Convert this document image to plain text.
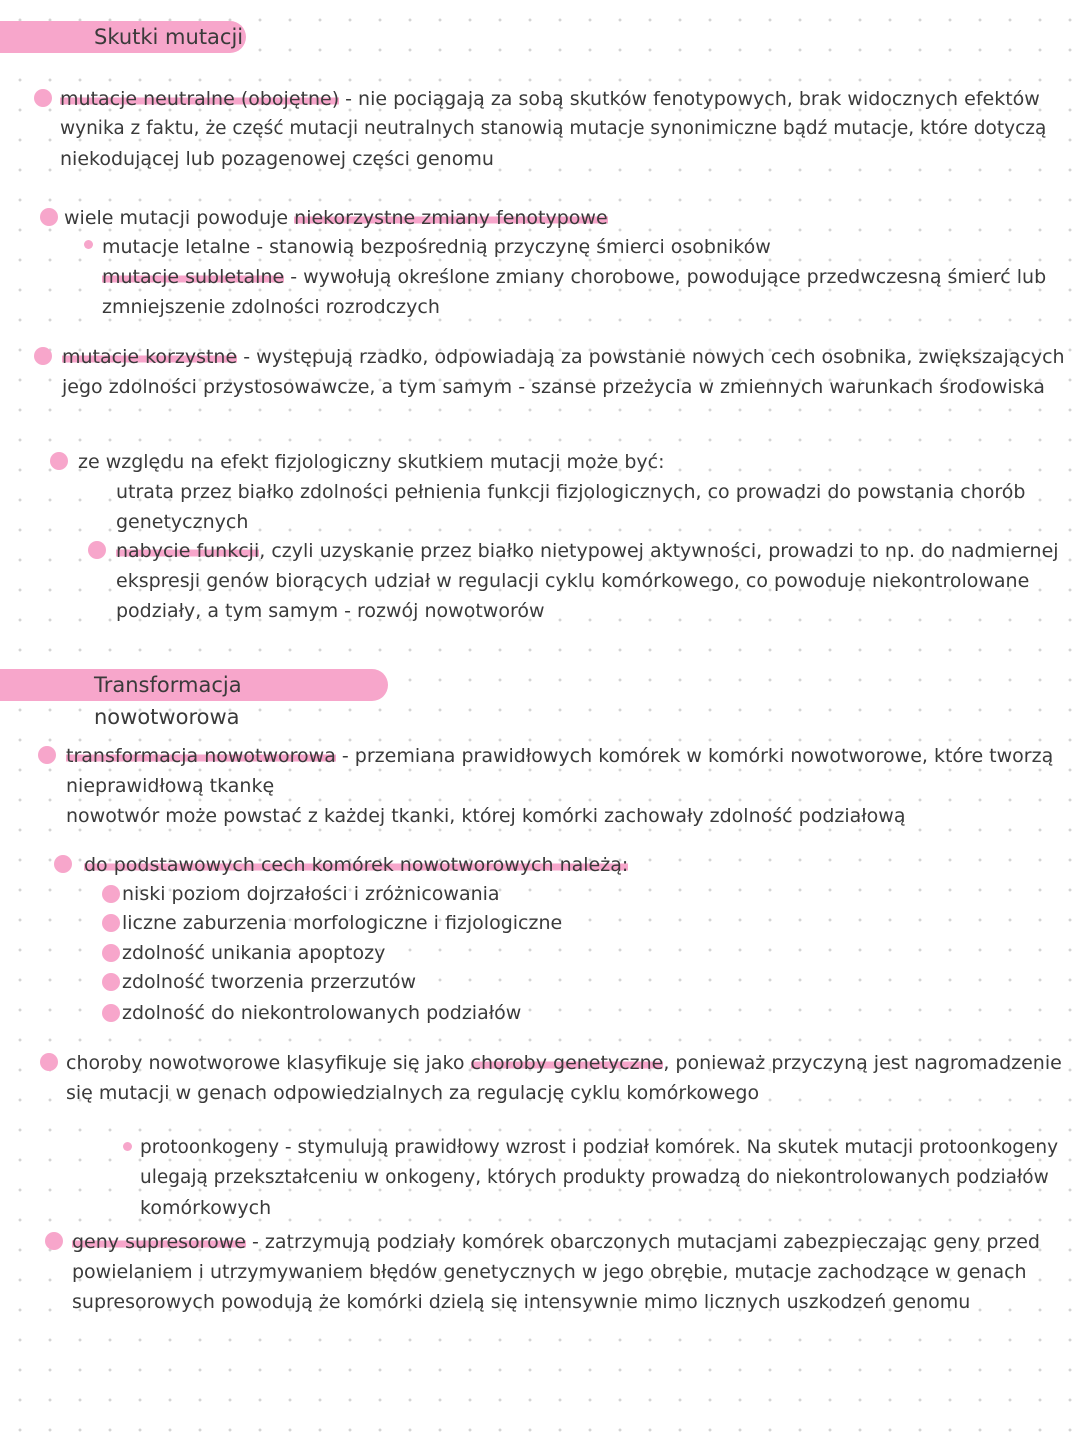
Skutki mutacji
mutacje neutralne (obojętne) - nie pociągają za sobą skutków fenotypowych, brak widocznych efektów
wynika z faktu, że część mutacji neutralnych stanowią mutacje synonimiczne bądź mutacje, które dotyczą
niekodującej lub pozagenowej części genomu
wiele mutacji powoduje niekorzystne zmiany fenotypowe
mutacje letalne - stanowią bezpośrednią przyczynę śmierci osobników
mutacje subletalne - wywołują określone zmiany chorobowe, powodujące przedwczesną śmierć lub
zmniejszenie zdolności rozrodczych
mutacje korzystne - występują rzadko, odpowiadają za powstanie nowych cech osobnika, zwiększających
jego zdolności przystosowawcze, a tym samym - szanse przeżycia w zmiennych warunkach środowiska
ze względu na efekt fizjologiczny skutkiem mutacji może być:
utrata przez białko zdolności pełnienia funkcji fizjologicznych, co prowadzi do powstania chorób
genetycznych
nabycie funkcji, czyli uzyskanie przez białko nietypowej aktywności, prowadzi to np. do nadmiernej
ekspresji genów biorących udział w regulacji cyklu komórkowego, co powoduje niekontrolowane
podziały, a tym samym - rozwój nowotworów
Transformacja nowotworowa
transformacja nowotworowa - przemiana prawidłowych komórek w komórki nowotworowe, które tworzą
nieprawidłową tkankę
nowotwór może powstać z każdej tkanki, której komórki zachowały zdolność podziałową
do podstawowych cech komórek nowotworowych należą:
niski poziom dojrzałości i zróżnicowania
liczne zaburzenia morfologiczne i fizjologiczne
zdolność unikania apoptozy
zdolność tworzenia przerzutów
zdolność do niekontrolowanych podziałów
choroby nowotworowe klasyfikuje się jako choroby genetyczne, ponieważ przyczyną jest nagromadzenie
się mutacji w genach odpowiedzialnych za regulację cyklu komórkowego
protoonkogeny - stymulują prawidłowy wzrost i podział komórek. Na skutek mutacji protoonkogeny
ulegają przekształceniu w onkogeny, których produkty prowadzą do niekontrolowanych podziałów
komórkowych
geny supresorowe - zatrzymują podziały komórek obarczonych mutacjami zabezpieczając geny przed
powielaniem i utrzymywaniem błędów genetycznych w jego obrębie, mutacje zachodzące w genach
supresorowych powodują że komórki dzielą się intensywnie mimo licznych uszkodzeń genomu
